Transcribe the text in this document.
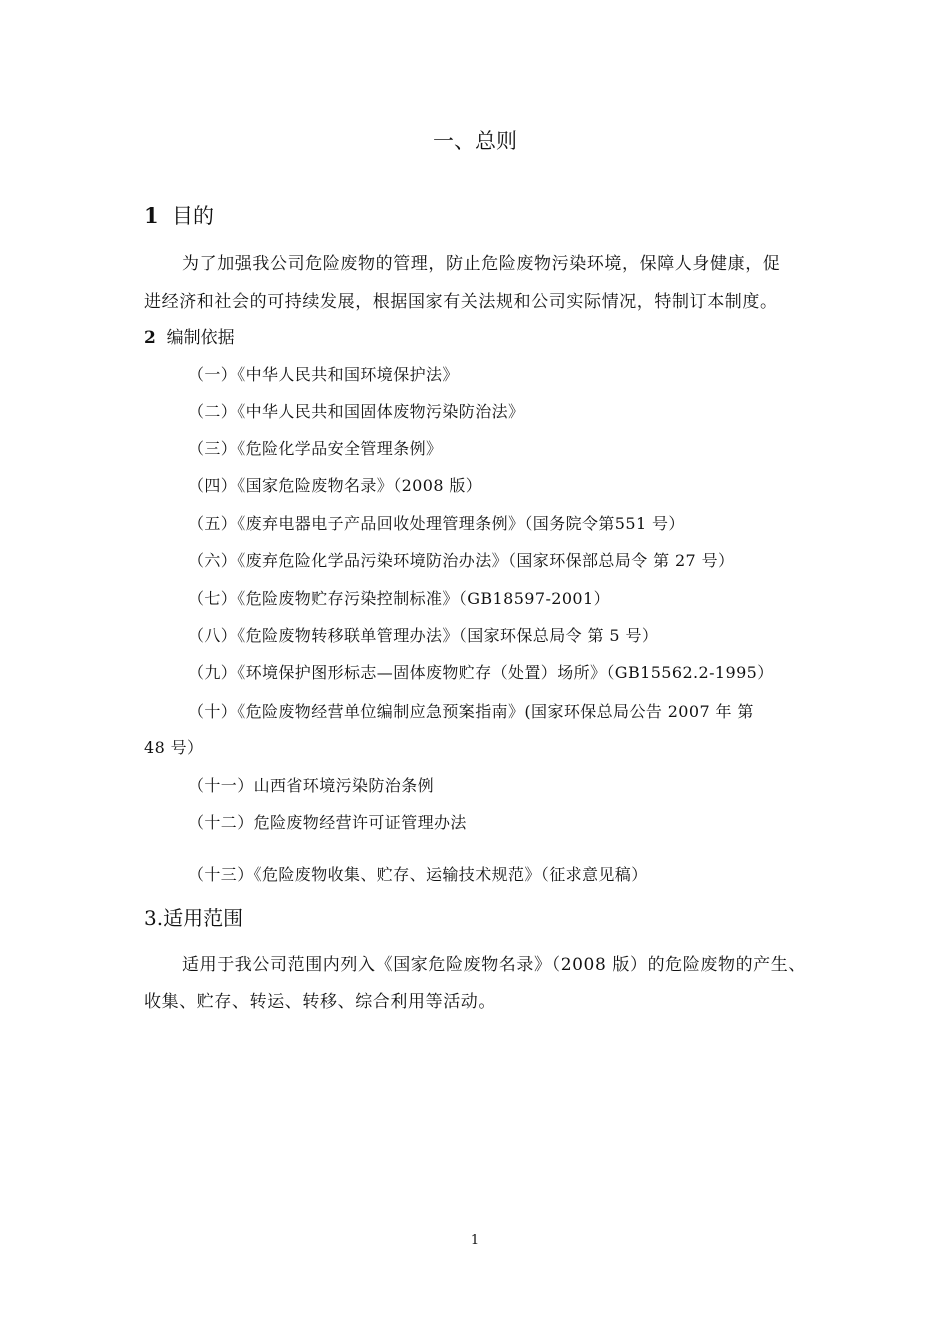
一、总则
1 目的

为了加强我公司危险废物的管理，防止危险废物污染环境，保障人身健康，促

进经济和社会的可持续发展，根据国家有关法规和公司实际情况，特制订本制度。

2 编制依据

（一）《中华人民共和国环境保护法》

（二）《中华人民共和国固体废物污染防治法》

（三）《危险化学品安全管理条例》

（四）《国家危险废物名录》（2008 版）

（五）《废弃电器电子产品回收处理管理条例》（国务院令第551 号）

（六）《废弃危险化学品污染环境防治办法》（国家环保部总局令 第 27 号）

（七）《危险废物贮存污染控制标准》（GB18597-2001）

（八）《危险废物转移联单管理办法》（国家环保总局令 第 5 号）

（九）《环境保护图形标志—固体废物贮存（处置）场所》（GB15562.2-1995）

（十）《危险废物经营单位编制应急预案指南》(国家环保总局公告 2007 年 第

48 号）

（十一）山西省环境污染防治条例

（十二）危险废物经营许可证管理办法

（十三）《危险废物收集、贮存、运输技术规范》（征求意见稿）

3.适用范围

适用于我公司范围内列入《国家危险废物名录》（2008 版）的危险废物的产生、

收集、贮存、转运、转移、综合利用等活动。

1
